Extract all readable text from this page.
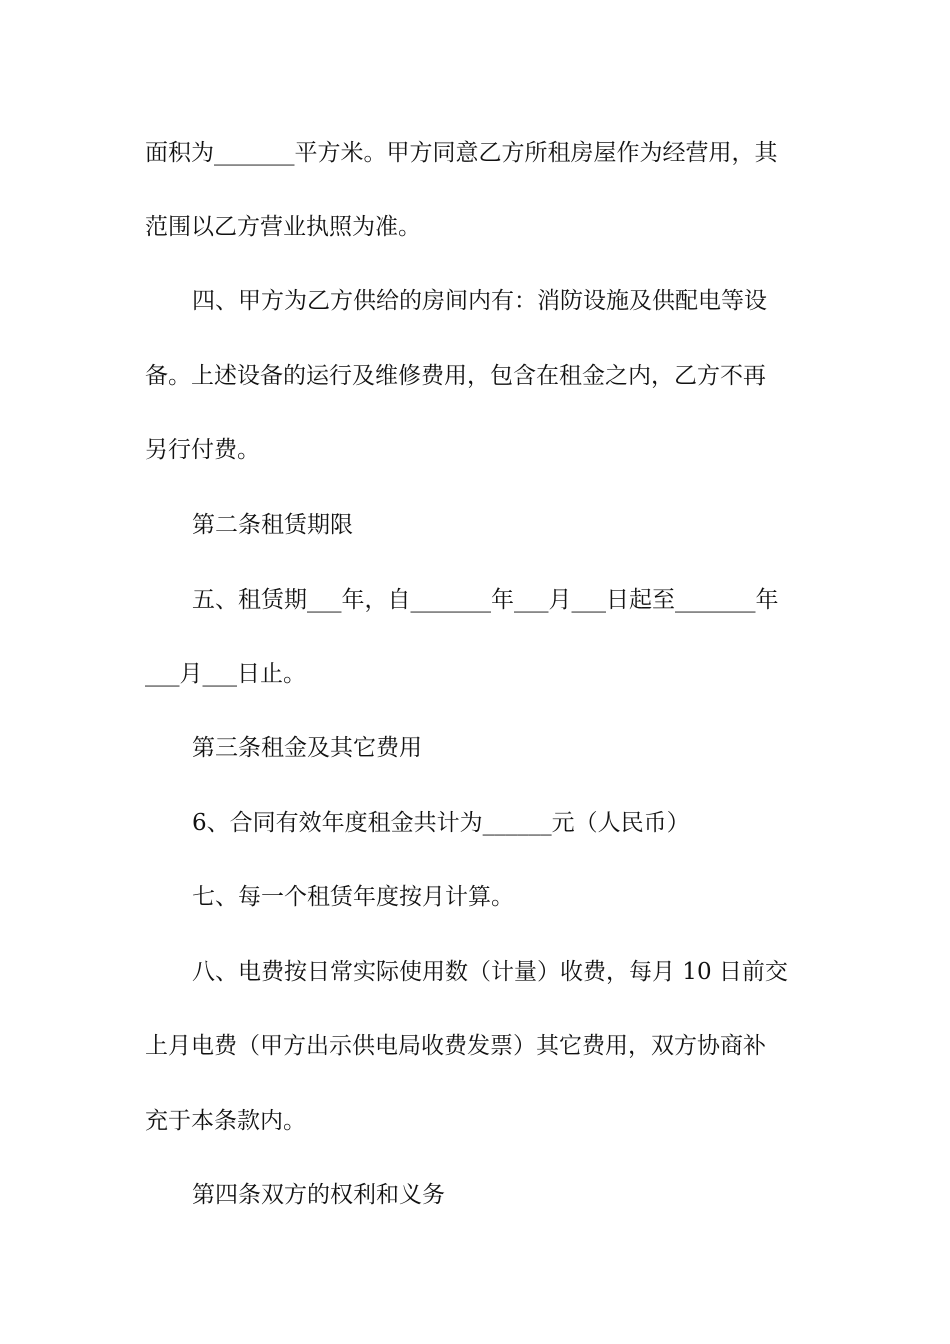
面积为_______平方米。甲方同意乙方所租房屋作为经营用，其
范围以乙方营业执照为准。
四、甲方为乙方供给的房间内有：消防设施及供配电等设
备。上述设备的运行及维修费用，包含在租金之内，乙方不再
另行付费。
第二条租赁期限
五、租赁期___年，自_______年___月___日起至_______年
___月___日止。
第三条租金及其它费用
6、合同有效年度租金共计为______元（人民币）
七、每一个租赁年度按月计算。
八、电费按日常实际使用数（计量）收费，每月 10 日前交
上月电费（甲方出示供电局收费发票）其它费用，双方协商补
充于本条款内。
第四条双方的权利和义务
